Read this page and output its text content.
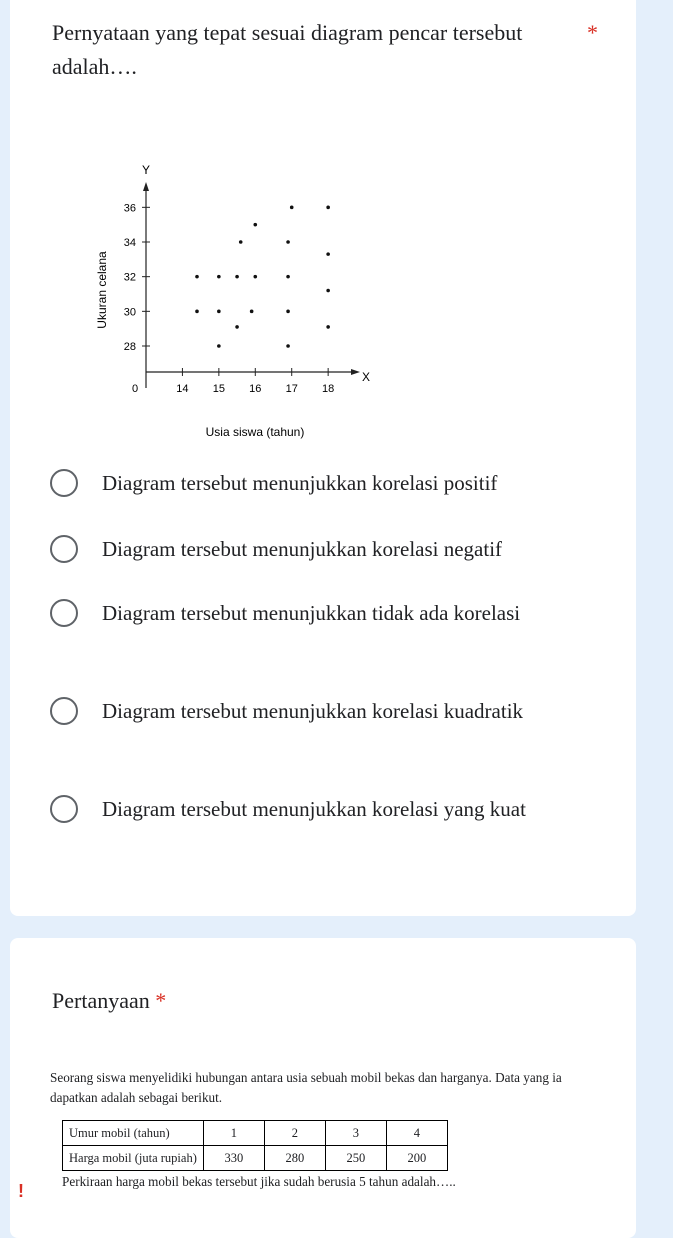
Pernyataan yang tepat sesuai diagram pencar tersebut adalah….
*
Y
Ukuran celana
X
0
Usia siswa (tahun)
14 15 16 17 18
28
30
32
34
36
Diagram tersebut menunjukkan korelasi positif
Diagram tersebut menunjukkan korelasi negatif
Diagram tersebut menunjukkan tidak ada korelasi
Diagram tersebut menunjukkan korelasi kuadratik
Diagram tersebut menunjukkan korelasi yang kuat
Pertanyaan *
Seorang siswa menyelidiki hubungan antara usia sebuah mobil bekas dan harganya. Data yang ia dapatkan adalah sebagai berikut.
Umur mobil (tahun)	1	2	3	4
Harga mobil (juta rupiah)	330	280	250	200
Perkiraan harga mobil bekas tersebut jika sudah berusia 5 tahun adalah…..
!
